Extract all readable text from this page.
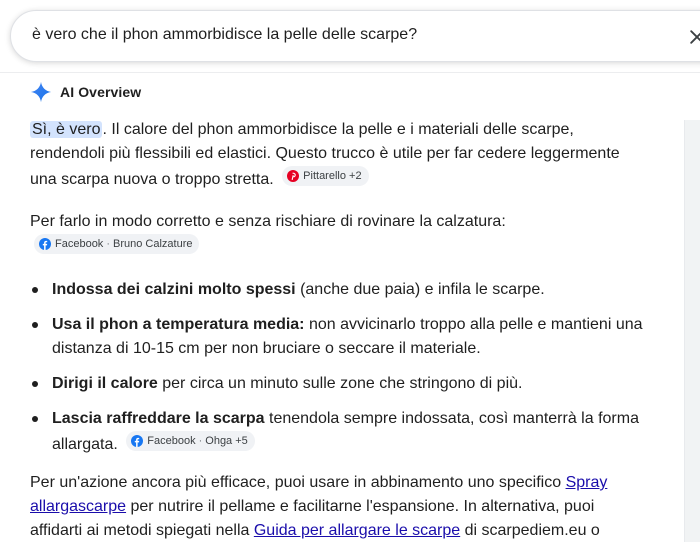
è vero che il phon ammorbidisce la pelle delle scarpe?
AI Overview

Sì, è vero . Il calore del phon ammorbidisce la pelle e i materiali delle scarpe, rendendoli più flessibili ed elastici. Questo trucco è utile per far cedere leggermente una scarpa nuova o troppo stretta.	Pittarello +2

Per farlo in modo corretto e senza rischiare di rovinare la calzatura:
Facebook · Bruno Calzature

Indossa dei calzini molto spessi (anche due paia) e infila le scarpe.
Usa il phon a temperatura media: non avvicinarlo troppo alla pelle e mantieni una distanza di 10-15 cm per non bruciare o seccare il materiale.
Dirigi il calore per circa un minuto sulle zone che stringono di più.
Lascia raffreddare la scarpa tenendola sempre indossata, così manterrà la forma allargata.	Facebook · Ohga +5

Per un'azione ancora più efficace, puoi usare in abbinamento uno specifico Spray allargascarpe per nutrire il pellame e facilitarne l'espansione. In alternativa, puoi affidarti ai metodi spiegati nella Guida per allargare le scarpe di scarpediem.eu o
